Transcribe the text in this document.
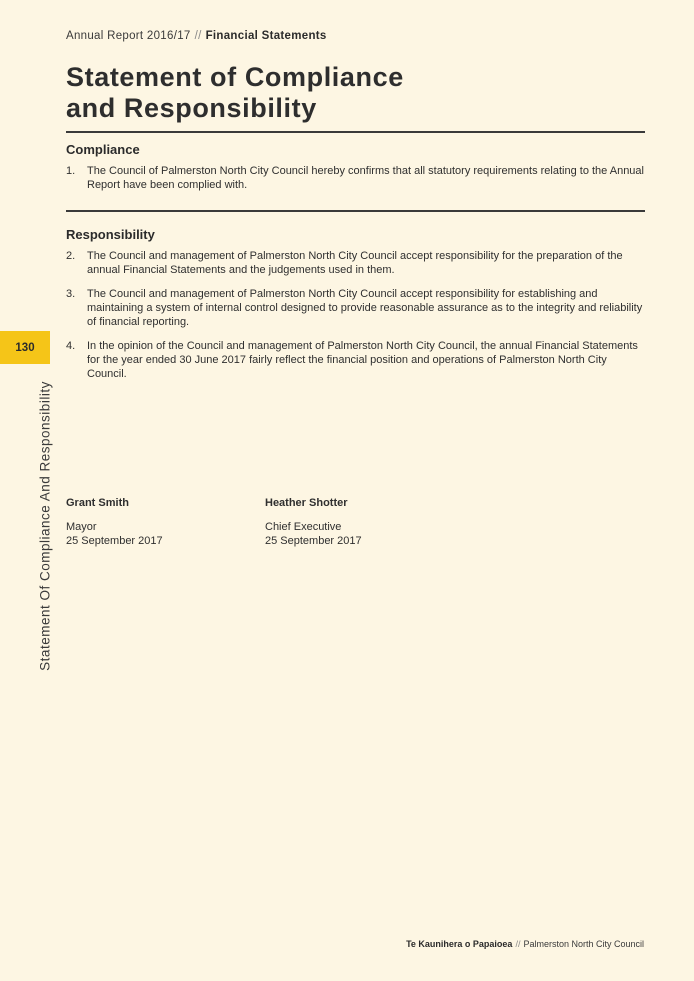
Annual Report 2016/17 // Financial Statements
Statement of Compliance
and Responsibility
Compliance
1. The Council of Palmerston North City Council hereby confirms that all statutory requirements relating to the Annual Report have been complied with.
Responsibility
2. The Council and management of Palmerston North City Council accept responsibility for the preparation of the annual Financial Statements and the judgements used in them.
3. The Council and management of Palmerston North City Council accept responsibility for establishing and maintaining a system of internal control designed to provide reasonable assurance as to the integrity and reliability of financial reporting.
4. In the opinion of the Council and management of Palmerston North City Council, the annual Financial Statements for the year ended 30 June 2017 fairly reflect the financial position and operations of Palmerston North City Council.
Grant Smith
Mayor
25 September 2017
Heather Shotter
Chief Executive
25 September 2017
130
Statement Of Compliance And Responsibility
Te Kaunihera o Papaioea // Palmerston North City Council
